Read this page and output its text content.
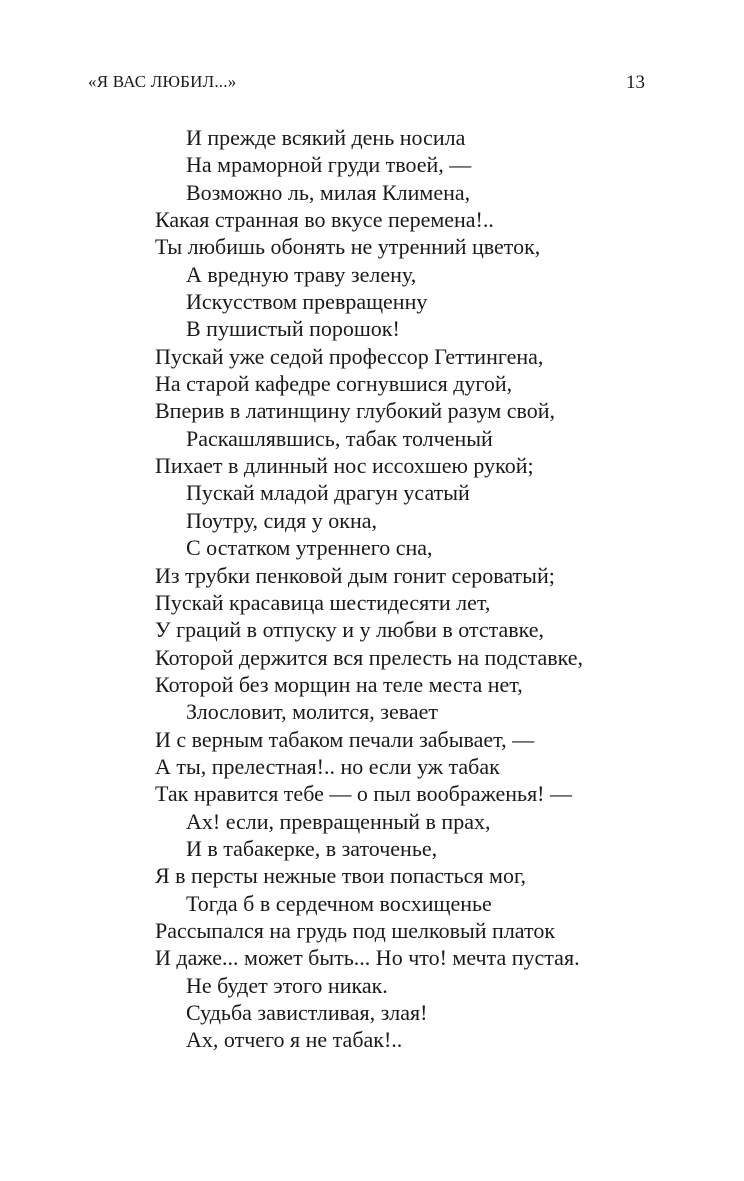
«Я ВАС ЛЮБИЛ...»	13
И прежде всякий день носила
На мраморной груди твоей, —
Возможно ль, милая Климена,
Какая странная во вкусе перемена!..
Ты любишь обонять не утренний цветок,
А вредную траву зелену,
Искусством превращенну
В пушистый порошок!
Пускай уже седой профессор Геттингена,
На старой кафедре согнувшися дугой,
Вперив в латинщину глубокий разум свой,
Раскашлявшись, табак толченый
Пихает в длинный нос иссохшею рукой;
Пускай младой драгун усатый
Поутру, сидя у окна,
С остатком утреннего сна,
Из трубки пенковой дым гонит сероватый;
Пускай красавица шестидесяти лет,
У граций в отпуску и у любви в отставке,
Которой держится вся прелесть на подставке,
Которой без морщин на теле места нет,
Злословит, молится, зевает
И с верным табаком печали забывает, —
А ты, прелестная!.. но если уж табак
Так нравится тебе — о пыл воображенья! —
Ах! если, превращенный в прах,
И в табакерке, в заточенье,
Я в персты нежные твои попасться мог,
Тогда б в сердечном восхищенье
Рассыпался на грудь под шелковый платок
И даже... может быть... Но что! мечта пустая.
Не будет этого никак.
Судьба завистливая, злая!
Ах, отчего я не табак!..
